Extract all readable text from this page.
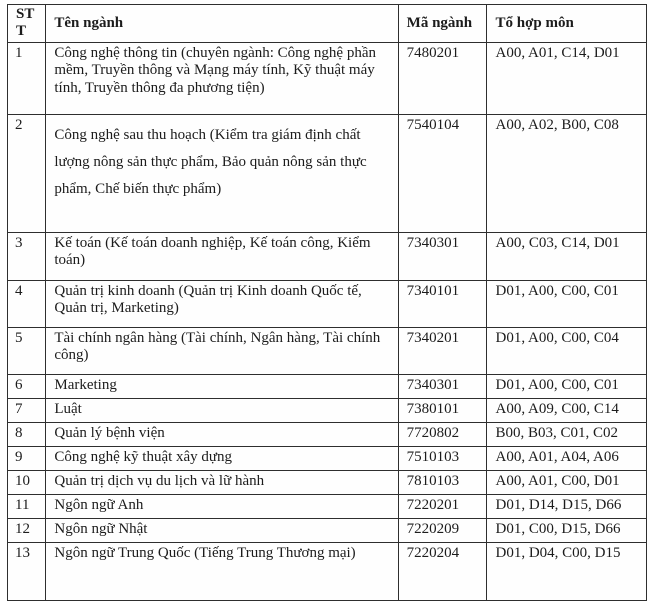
STT	Tên ngành	Mã ngành	Tổ hợp môn
1	Công nghệ thông tin (chuyên ngành: Công nghệ phần mềm, Truyền thông và Mạng máy tính, Kỹ thuật máy tính, Truyền thông đa phương tiện)	7480201	A00, A01, C14, D01
2	Công nghệ sau thu hoạch (Kiểm tra giám định chất lượng nông sản thực phẩm, Bảo quản nông sản thực phẩm, Chế biến thực phẩm)	7540104	A00, A02, B00, C08
3	Kế toán (Kế toán doanh nghiệp, Kế toán công, Kiểm toán)	7340301	A00, C03, C14, D01
4	Quản trị kinh doanh (Quản trị Kinh doanh Quốc tế, Quản trị, Marketing)	7340101	D01, A00, C00, C01
5	Tài chính ngân hàng (Tài chính, Ngân hàng, Tài chính công)	7340201	D01, A00, C00, C04
6	Marketing	7340301	D01, A00, C00, C01
7	Luật	7380101	A00, A09, C00, C14
8	Quản lý bệnh viện	7720802	B00, B03, C01, C02
9	Công nghệ kỹ thuật xây dựng	7510103	A00, A01, A04, A06
10	Quản trị dịch vụ du lịch và lữ hành	7810103	A00, A01, C00, D01
11	Ngôn ngữ Anh	7220201	D01, D14, D15, D66
12	Ngôn ngữ Nhật	7220209	D01, C00, D15, D66
13	Ngôn ngữ Trung Quốc (Tiếng Trung Thương mại)	7220204	D01, D04, C00, D15
